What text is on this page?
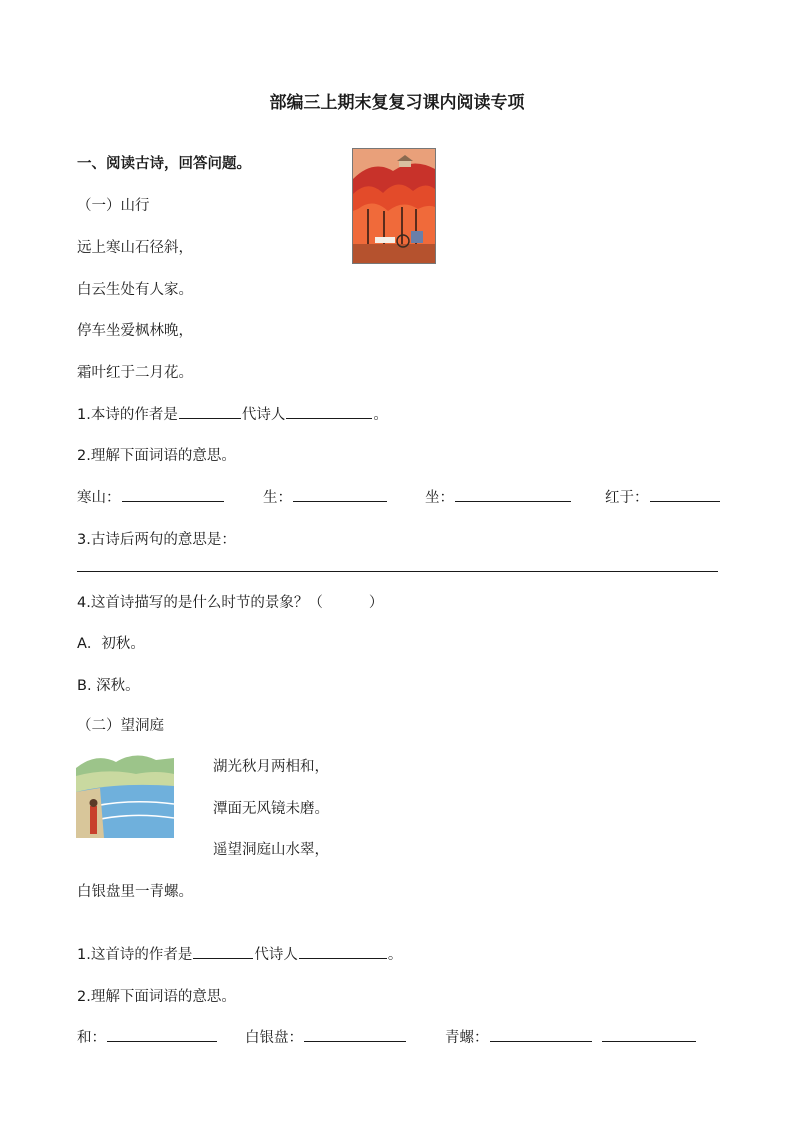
部编三上期末复复习课内阅读专项
一、阅读古诗，回答问题。
（一）山行
远上寒山石径斜，
白云生处有人家。
停车坐爱枫林晚，
霜叶红于二月花。
1.本诗的作者是	代诗人	。
2.理解下面词语的意思。
寒山：	生：	坐：	红于：
3.古诗后两句的意思是：
4.这首诗描写的是什么时节的景象？（	）
A．初秋。
B. 深秋。
（二）望洞庭
湖光秋月两相和，
潭面无风镜未磨。
遥望洞庭山水翠，
白银盘里一青螺。
1.这首诗的作者是	代诗人	。
2.理解下面词语的意思。
和：	白银盘：	青螺：
